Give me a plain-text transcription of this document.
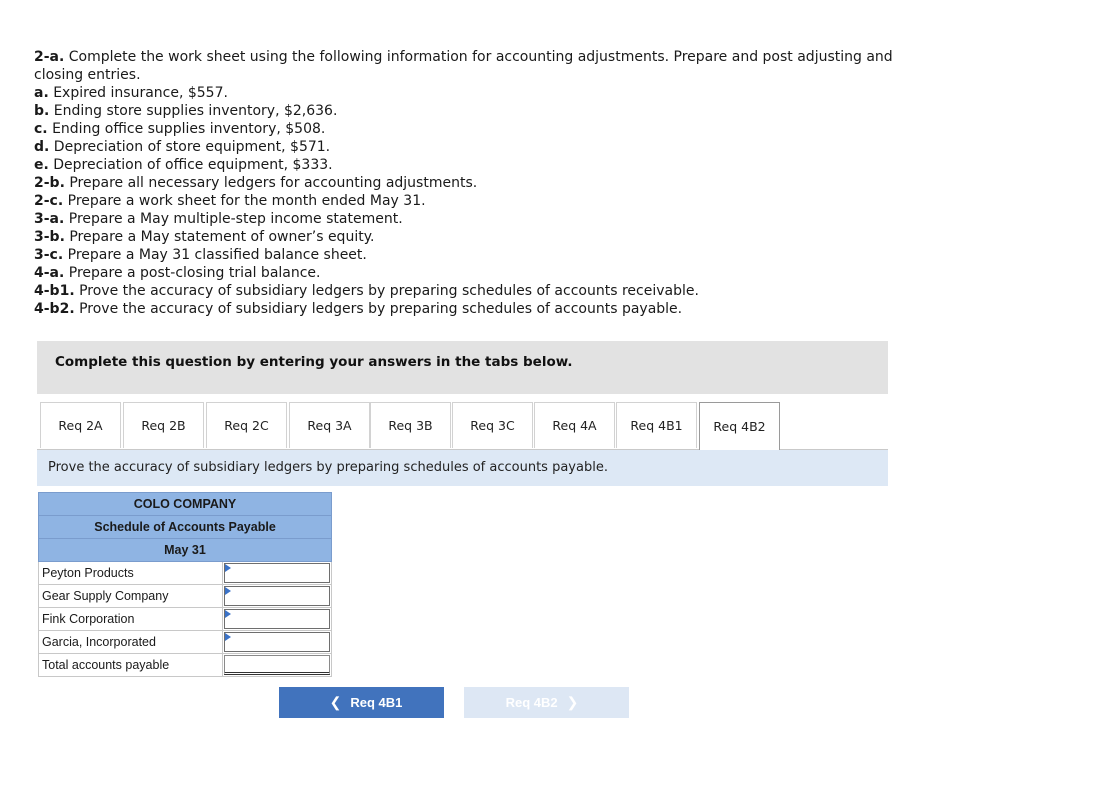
2-a. Complete the work sheet using the following information for accounting adjustments. Prepare and post adjusting and closing entries.

a. Expired insurance, $557.

b. Ending store supplies inventory, $2,636.

c. Ending office supplies inventory, $508.

d. Depreciation of store equipment, $571.

e. Depreciation of office equipment, $333.

2-b. Prepare all necessary ledgers for accounting adjustments.

2-c. Prepare a work sheet for the month ended May 31.

3-a. Prepare a May multiple-step income statement.

3-b. Prepare a May statement of owner’s equity.

3-c. Prepare a May 31 classified balance sheet.

4-a. Prepare a post-closing trial balance.

4-b1. Prove the accuracy of subsidiary ledgers by preparing schedules of accounts receivable.

4-b2. Prove the accuracy of subsidiary ledgers by preparing schedules of accounts payable.

Complete this question by entering your answers in the tabs below.
Req 2A	Req 2B	Req 2C	Req 3A	Req 3B	Req 3C	Req 4A	Req 4B1	Req 4B2
Prove the accuracy of subsidiary ledgers by preparing schedules of accounts payable.
COLO COMPANY	
Schedule of Accounts Payable	
May 31	
Peyton Products	

Gear Supply Company	

Fink Corporation	

Garcia, Incorporated	

Total accounts payable	
❮ Req 4B1	Req 4B2 ❯
